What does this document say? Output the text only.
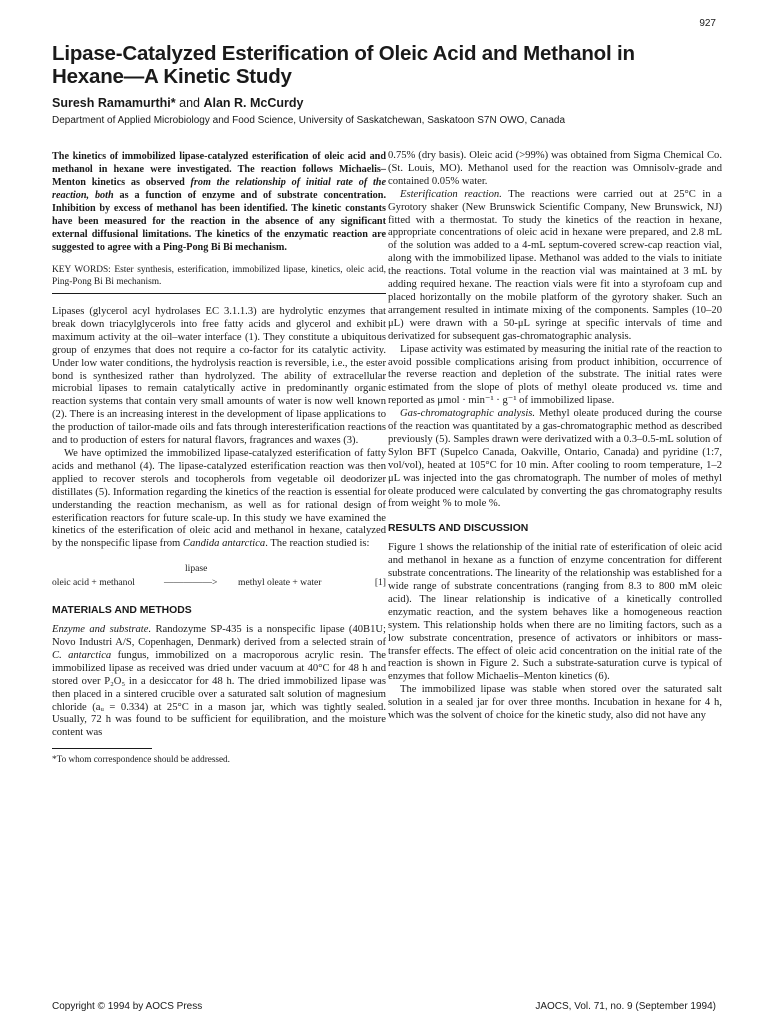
927
Lipase-Catalyzed Esterification of Oleic Acid and Methanol in Hexane—A Kinetic Study
Suresh Ramamurthi* and Alan R. McCurdy
Department of Applied Microbiology and Food Science, University of Saskatchewan, Saskatoon S7N OWO, Canada

The kinetics of immobilized lipase-catalyzed esterification of oleic acid and methanol in hexane were investigated. The reaction follows Michaelis–Menton kinetics as observed from the relationship of initial rate of the reaction, both as a function of enzyme and of substrate concentration. Inhibition by excess of methanol has been identified. The kinetic constants have been measured for the reaction in the absence of any significant external diffusional limitations. The kinetics of the enzymatic reaction are suggested to agree with a Ping-Pong Bi Bi mechanism.

KEY WORDS: Ester synthesis, esterification, immobilized lipase, kinetics, oleic acid, Ping-Pong Bi Bi mechanism.

Lipases (glycerol acyl hydrolases EC 3.1.1.3) are hydrolytic enzymes that break down triacylglycerols into free fatty acids and glycerol and exhibit maximum activity at the oil–water interface (1). They constitute a ubiquitous group of enzymes that does not require a co-factor for its catalytic activity. Under low water conditions, the hydrolysis reaction is reversible, i.e., the ester bond is synthesized rather than hydrolyzed. The ability of extracellular microbial lipases to remain catalytically active in predominantly organic reaction systems that contain very small amounts of water is now well known (2). There is an increasing interest in the development of lipase applications to the production of tailor-made oils and fats through interesterification reactions and to production of esters for natural flavors, fragrances and waxes (3).

We have optimized the immobilized lipase-catalyzed esterification of fatty acids and methanol (4). The lipase-catalyzed esterification reaction was then applied to recover sterols and tocopherols from vegetable oil deodorizer distillates (5). Information regarding the kinetics of the reaction is essential for understanding the reaction mechanism, as well as for rational design of esterification reactors for future scale-up. In this study we have examined the kinetics of the esterification of oleic acid and methanol in hexane, catalyzed by the nonspecific lipase from Candida antarctica. The reaction studied is:

lipase
oleic acid + methanol	—————> methyl oleate + water	[1]

MATERIALS AND METHODS

Enzyme and substrate. Randozyme SP-435 is a nonspecific lipase (40B1U; Novo Industri A/S, Copenhagen, Denmark) derived from a selected strain of C. antarctica fungus, immobilized on a macroporous acrylic resin. The immobilized lipase as received was dried under vacuum at 40°C for 48 h and stored over P₂O₅ in a desiccator for 48 h. The dried immobilized lipase was then placed in a sintered crucible over a saturated salt solution of magnesium chloride (aᵤ = 0.334) at 25°C in a mason jar, which was tightly sealed. Usually, 72 h was found to be sufficient for equilibration, and the moisture content was

*To whom correspondence should be addressed.

0.75% (dry basis). Oleic acid (>99%) was obtained from Sigma Chemical Co. (St. Louis, MO). Methanol used for the reaction was Omnisolv-grade and contained 0.05% water.

Esterification reaction. The reactions were carried out at 25°C in a Gyrotory shaker (New Brunswick Scientific Company, New Brunswick, NJ) fitted with a thermostat. To study the kinetics of the reaction in hexane, appropriate concentrations of oleic acid in hexane were prepared, and 2.8 mL of the solution was added to a 4-mL septum-covered screw-cap reaction vial, along with the immobilized lipase. Methanol was added to the vials to initiate the reactions. Total volume in the reaction vial was maintained at 3 mL by adding required hexane. The reaction vials were fit into a styrofoam cup and placed horizontally on the mobile platform of the gyrotory shaker. Such an arrangement resulted in intimate mixing of the components. Samples (10–20 μL) were drawn with a 50-μL syringe at specific intervals of time and derivatized for subsequent gas-chromatographic analysis.

Lipase activity was estimated by measuring the initial rate of the reaction to avoid possible complications arising from product inhibition, occurrence of the reverse reaction and depletion of the substrate. The initial rates were estimated from the slope of plots of methyl oleate produced vs. time and reported as μmol · min⁻¹ · g⁻¹ of immobilized lipase.

Gas-chromatographic analysis. Methyl oleate produced during the course of the reaction was quantitated by a gas-chromatographic method as described previously (5). Samples drawn were derivatized with a 0.3–0.5-mL solution of Sylon BFT (Supelco Canada, Oakville, Ontario, Canada) and pyridine (1:7, vol/vol), heated at 105°C for 10 min. After cooling to room temperature, 1–2 μL was injected into the gas chromatograph. The number of moles of methyl oleate produced were calculated by converting the gas chromatography results from weight % to mole %.

RESULTS AND DISCUSSION

Figure 1 shows the relationship of the initial rate of esterification of oleic acid and methanol in hexane as a function of enzyme concentration for different substrate concentrations. The linearity of the relationship was established for a wide range of substrate concentrations (ranging from 8.3 to 800 mM oleic acid). The linear relationship is indicative of a kinetically controlled enzymatic reaction, and the system behaves like a homogeneous reaction system. This relationship holds when there are no limiting factors, such as a low substrate concentration, presence of activators or inhibitors or mass-transfer effects. The effect of oleic acid concentration on the initial rate of the reaction is shown in Figure 2. Such a substrate-saturation curve is typical of enzymes that follow Michaelis–Menton kinetics (6).

The immobilized lipase was stable when stored over the saturated salt solution in a sealed jar for over three months. Incubation in hexane for 4 h, which was the solvent of choice for the kinetic study, also did not have any

Copyright © 1994 by AOCS Press	JAOCS, Vol. 71, no. 9 (September 1994)
